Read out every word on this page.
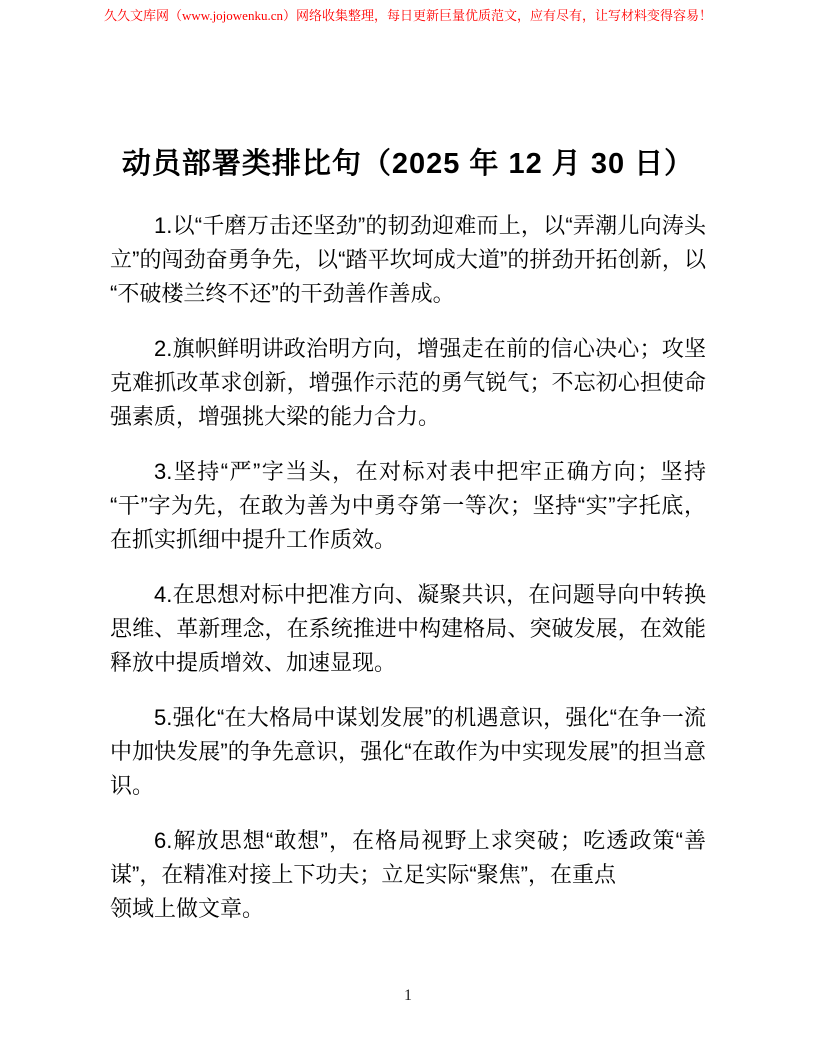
久久文库网（www.jojowenku.cn）网络收集整理，每日更新巨量优质范文，应有尽有，让写材料变得容易！
动员部署类排比句（2025 年 12 月 30 日）

1.以“千磨万击还坚劲”的韧劲迎难而上，以“弄潮儿向涛头立”的闯劲奋勇争先，以“踏平坎坷成大道”的拼劲开拓创新，以“不破楼兰终不还”的干劲善作善成。

2.旗帜鲜明讲政治明方向，增强走在前的信心决心；攻坚克难抓改革求创新，增强作示范的勇气锐气；不忘初心担使命强素质，增强挑大梁的能力合力。

3.坚持“严”字当头，在对标对表中把牢正确方向；坚持“干”字为先，在敢为善为中勇夺第一等次；坚持“实”字托底，在抓实抓细中提升工作质效。

4.在思想对标中把准方向、凝聚共识，在问题导向中转换思维、革新理念，在系统推进中构建格局、突破发展，在效能释放中提质增效、加速显现。

5.强化“在大格局中谋划发展”的机遇意识，强化“在争一流中加快发展”的争先意识，强化“在敢作为中实现发展”的担当意识。

6.解放思想“敢想”，在格局视野上求突破；吃透政策“善谋”，在精准对接上下功夫；立足实际“聚焦”，在重点
领域上做文章。

1
